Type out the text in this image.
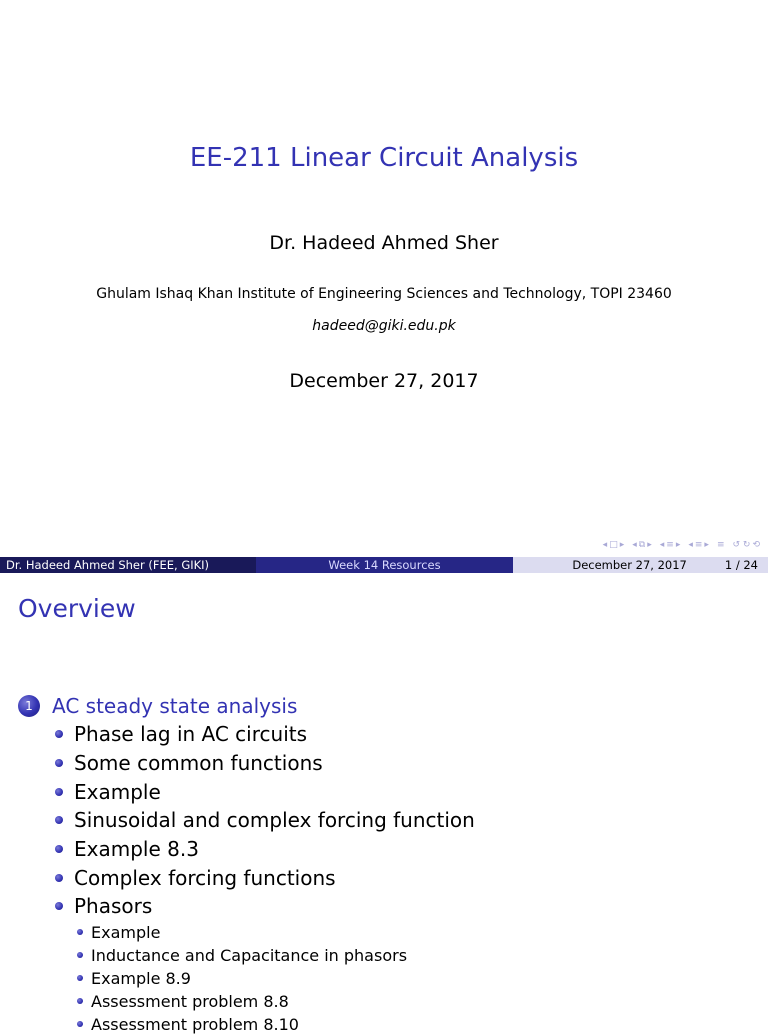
EE-211 Linear Circuit Analysis
Dr. Hadeed Ahmed Sher
Ghulam Ishaq Khan Institute of Engineering Sciences and Technology, TOPI 23460
hadeed@giki.edu.pk
December 27, 2017
◂ □ ▸ ◂ ⧉ ▸ ◂ ≡ ▸ ◂ ≡ ▸ ≡ ↺ ↻ ⟲
Dr. Hadeed Ahmed Sher (FEE, GIKI)	Week 14 Resources	December 27, 2017	1 / 24
Overview
1 AC steady state analysis
Phase lag in AC circuits
Some common functions
Example
Sinusoidal and complex forcing function
Example 8.3
Complex forcing functions
Phasors
Example
Inductance and Capacitance in phasors
Example 8.9
Assessment problem 8.8
Assessment problem 8.10
